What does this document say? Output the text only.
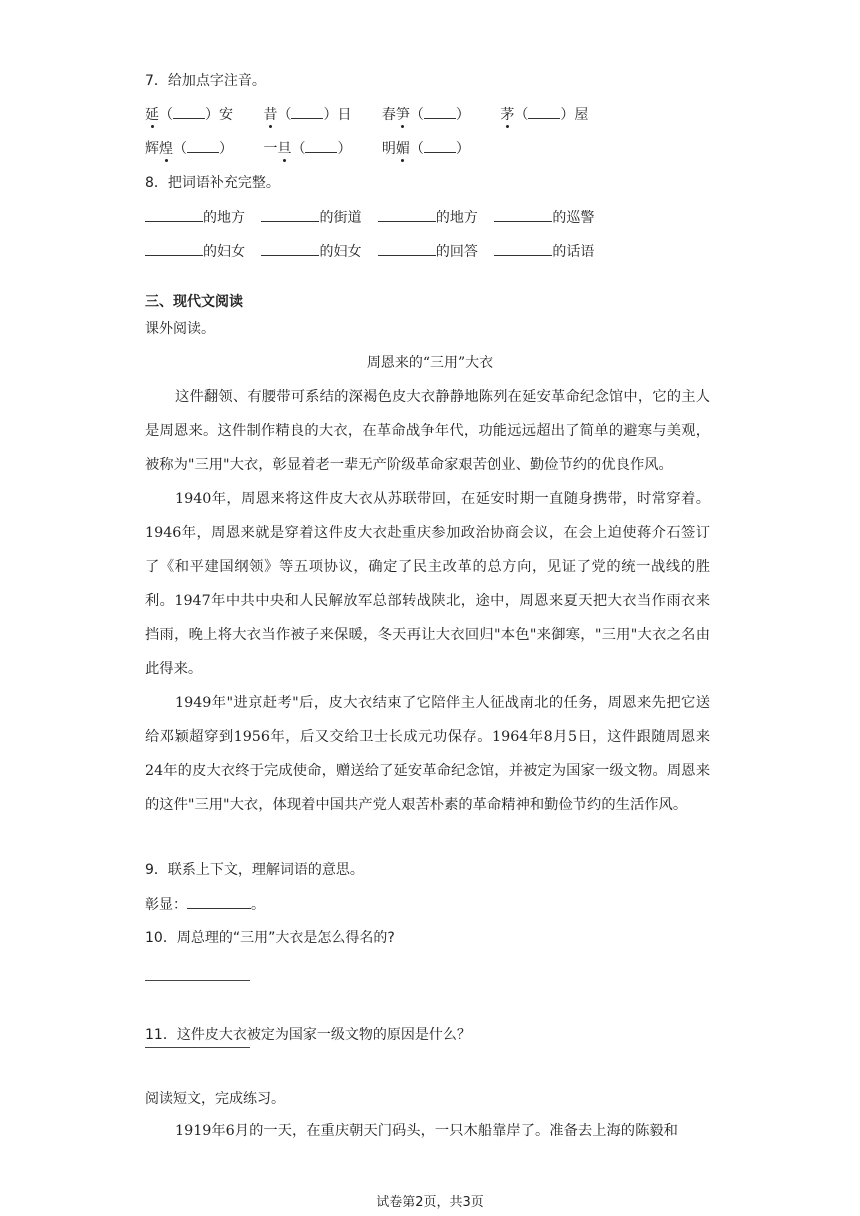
7．给加点字注音。
延（ ）安 昔（ ）日 春笋（ ） 茅（ ）屋
辉煌（ ） 一旦（ ） 明媚（ ）
8．把词语补充完整。
的地方	的街道	的地方	的巡警
的妇女	的妇女	的回答	的话语
三、现代文阅读
课外阅读。
周恩来的“三用”大衣

这件翻领、有腰带可系结的深褐色皮大衣静静地陈列在延安革命纪念馆中，它的主人是周恩来。这件制作精良的大衣，在革命战争年代，功能远远超出了简单的避寒与美观，被称为"三用"大衣，彰显着老一辈无产阶级革命家艰苦创业、勤俭节约的优良作风。

1940年，周恩来将这件皮大衣从苏联带回，在延安时期一直随身携带，时常穿着。1946年，周恩来就是穿着这件皮大衣赴重庆参加政治协商会议，在会上迫使蒋介石签订了《和平建国纲领》等五项协议，确定了民主改革的总方向，见证了党的统一战线的胜利。1947年中共中央和人民解放军总部转战陕北，途中，周恩来夏天把大衣当作雨衣来挡雨，晚上将大衣当作被子来保暖，冬天再让大衣回归"本色"来御寒，"三用"大衣之名由此得来。

1949年"进京赶考"后，皮大衣结束了它陪伴主人征战南北的任务，周恩来先把它送给邓颖超穿到1956年，后又交给卫士长成元功保存。1964年8月5日，这件跟随周恩来24年的皮大衣终于完成使命，赠送给了延安革命纪念馆，并被定为国家一级文物。周恩来的这件"三用"大衣，体现着中国共产党人艰苦朴素的革命精神和勤俭节约的生活作风。

9．联系上下文，理解词语的意思。
彰显：	。
10．周总理的“三用”大衣是怎么得名的?
11．这件皮大衣被定为国家一级文物的原因是什么？
阅读短文，完成练习。
1919年6月的一天，在重庆朝天门码头，一只木船靠岸了。准备去上海的陈毅和
试卷第2页，共3页
